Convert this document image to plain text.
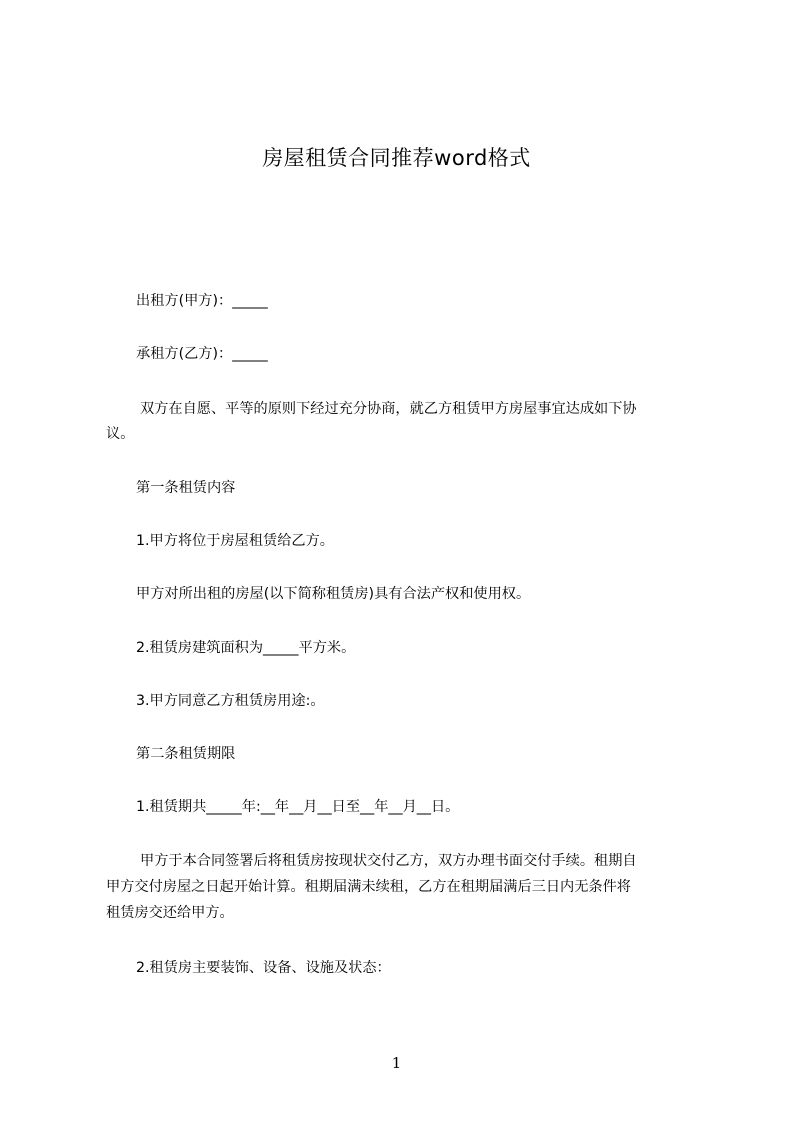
房屋租赁合同推荐word格式
出租方(甲方)：_____
承租方(乙方)：_____
双方在自愿、平等的原则下经过充分协商，就乙方租赁甲方房屋事宜达成如下协
议。
第一条租赁内容
1.甲方将位于房屋租赁给乙方。
甲方对所出租的房屋(以下简称租赁房)具有合法产权和使用权。
2.租赁房建筑面积为_____平方米。
3.甲方同意乙方租赁房用途:。
第二条租赁期限
1.租赁期共_____年:__年__月__日至__年__月__日。
甲方于本合同签署后将租赁房按现状交付乙方，双方办理书面交付手续。租期自
甲方交付房屋之日起开始计算。租期届满未续租，乙方在租期届满后三日内无条件将
租赁房交还给甲方。
2.租赁房主要装饰、设备、设施及状态：
1
